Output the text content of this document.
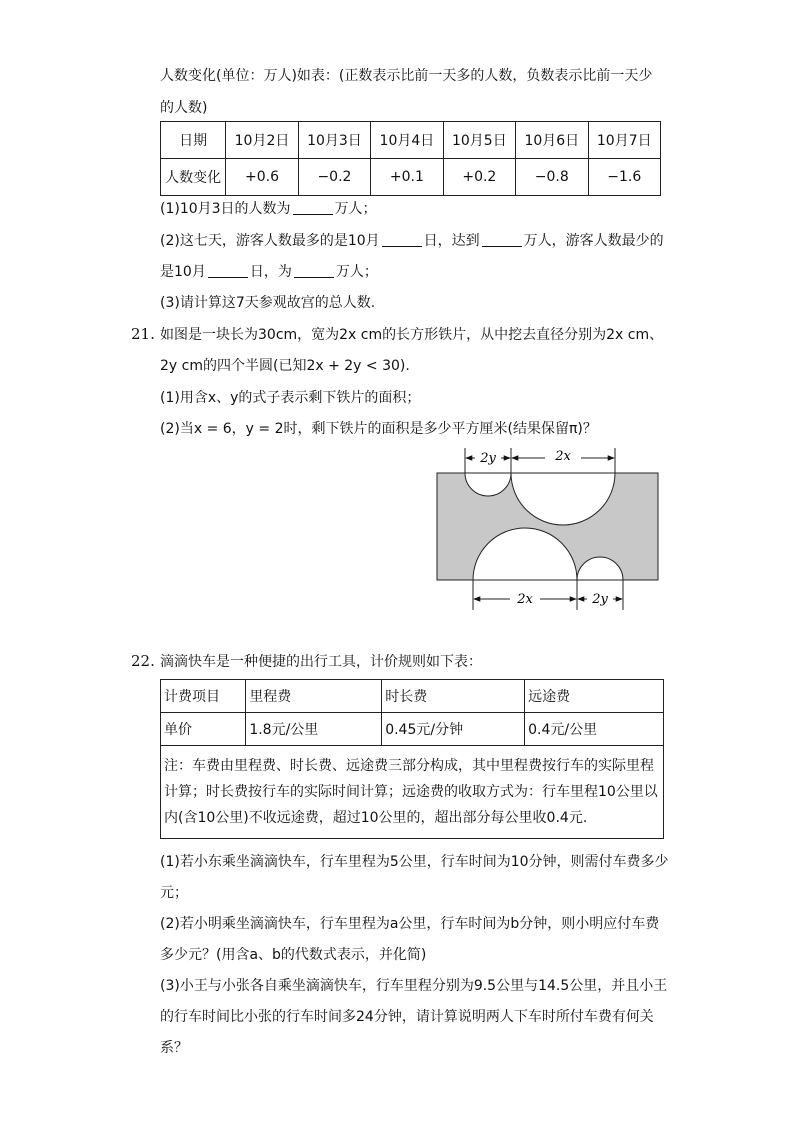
人数变化(单位：万人)如表：(正数表示比前一天多的人数，负数表示比前一天少
的人数)
日期	10月2日	10月3日	10月4日	10月5日	10月6日	10月7日
人数变化	+0.6	−0.2	+0.1	+0.2	−0.8	−1.6
(1)10月3日的人数为	万人；
(2)这七天，游客人数最多的是10月	日，达到	万人，游客人数最少的
是10月	日，为	万人；
(3)请计算这7天参观故宫的总人数.
21. 如图是一块长为30cm，宽为2x cm的长方形铁片，从中挖去直径分别为2x cm、
2y cm的四个半圆(已知2x + 2y < 30).
(1)用含x、y的式子表示剩下铁片的面积；
(2)当x = 6，y = 2时，剩下铁片的面积是多少平方厘米(结果保留π)？
2y	2x
2x	2y
22. 滴滴快车是一种便捷的出行工具，计价规则如下表：
计费项目	里程费	时长费	远途费
单价	1.8元/公里	0.45元/分钟	0.4元/公里
注：车费由里程费、时长费、远途费三部分构成，其中里程费按行车的实际里程计算；时长费按行车的实际时间计算；远途费的收取方式为：行车里程10公里以内(含10公里)不收远途费，超过10公里的，超出部分每公里收0.4元.			
(1)若小东乘坐滴滴快车，行车里程为5公里，行车时间为10分钟，则需付车费多少
元；
(2)若小明乘坐滴滴快车，行车里程为a公里，行车时间为b分钟，则小明应付车费
多少元？(用含a、b的代数式表示，并化简)
(3)小王与小张各自乘坐滴滴快车，行车里程分别为9.5公里与14.5公里，并且小王
的行车时间比小张的行车时间多24分钟，请计算说明两人下车时所付车费有何关
系？
